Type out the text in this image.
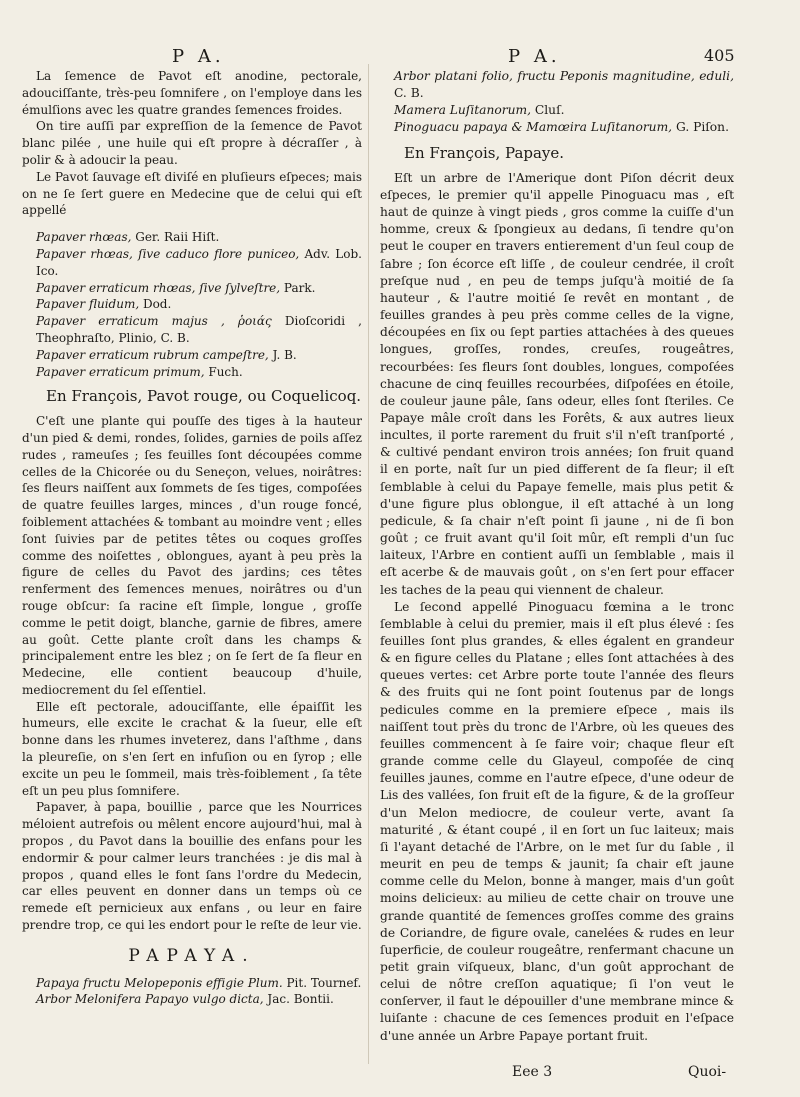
P A.	P A.	405

La ſemence de Pavot eſt anodine, pectorale, adouciſſante, très-peu ſomnifere , on l'employe dans les émulſions avec les quatre grandes ſemences froides.

On tire auſſi par expreſſion de la ſemence de Pavot blanc pilée , une huile qui eſt propre à décraſſer , à polir & à adoucir la peau.

Le Pavot ſauvage eſt diviſé en pluſieurs eſpeces; mais on ne ſe ſert guere en Medecine que de celui qui eſt appellé

Papaver rhœas, Ger. Raii Hiſt.

Papaver rhœas, ſive caduco flore puniceo, Adv. Lob. Ico.

Papaver erraticum rhœas, ſive ſylveſtre, Park.

Papaver fluidum, Dod.

Papaver erraticum majus , ῥοιάς Dioſcoridi , Theophraſto, Plinio, C. B.

Papaver erraticum rubrum campeſtre, J. B.

Papaver erraticum primum, Fuch.

En François, Pavot rouge, ou Coquelicoq.

C'eſt une plante qui pouſſe des tiges à la hauteur d'un pied & demi, rondes, ſolides, garnies de poils aſſez rudes , rameuſes ; ſes feuilles ſont découpées comme celles de la Chicorée ou du Seneçon, velues, noirâtres: ſes fleurs naiſſent aux ſommets de ſes tiges, compoſées de quatre feuilles larges, minces , d'un rouge foncé, foiblement attachées & tombant au moindre vent ; elles ſont ſuivies par de petites têtes ou coques groſſes comme des noiſettes , oblongues, ayant à peu près la figure de celles du Pavot des jardins; ces têtes renferment des ſemences menues, noirâtres ou d'un rouge obſcur: ſa racine eſt ſimple, longue , groſſe comme le petit doigt, blanche, garnie de fibres, amere au goût. Cette plante croît dans les champs & principalement entre les blez ; on ſe ſert de ſa fleur en Medecine, elle contient beaucoup d'huile, mediocrement du ſel eſſentiel.

Elle eſt pectorale, adouciſſante, elle épaiſſit les humeurs, elle excite le crachat & la ſueur, elle eſt bonne dans les rhumes inveterez, dans l'aſthme , dans la pleureſie, on s'en ſert en infuſion ou en ſyrop ; elle excite un peu le ſommeil, mais très-foiblement , ſa tête eſt un peu plus ſomnifere.

Papaver, à papa, bouillie , parce que les Nourrices méloient autrefois ou mêlent encore aujourd'hui, mal à propos , du Pavot dans la bouillie des enfans pour les endormir & pour calmer leurs tranchées : je dis mal à propos , quand elles le font ſans l'ordre du Medecin, car elles peuvent en donner dans un temps où ce remede eſt pernicieux aux enfans , ou leur en faire prendre trop, ce qui les endort pour le reſte de leur vie.

PAPAYA.

Papaya fructu Melopeponis effigie Plum. Pit. Tournef.

Arbor Melonifera Papayo vulgo dicta, Jac. Bontii.

Arbor platani folio, fructu Peponis magnitudine, eduli, C. B.

Mamera Luſitanorum, Cluſ.

Pinoguacu papaya & Mamœira Luſitanorum, G. Piſon.

En François, Papaye.

Eſt un arbre de l'Amerique dont Piſon décrit deux eſpeces, le premier qu'il appelle Pinoguacu mas , eſt haut de quinze à vingt pieds , gros comme la cuiſſe d'un homme, creux & ſpongieux au dedans, ſi tendre qu'on peut le couper en travers entierement d'un ſeul coup de ſabre ; ſon écorce eſt liſſe , de couleur cendrée, il croît preſque nud , en peu de temps juſqu'à moitié de ſa hauteur , & l'autre moitié ſe revêt en montant , de feuilles grandes à peu près comme celles de la vigne, découpées en ſix ou ſept parties attachées à des queues longues, groſſes, rondes, creuſes, rougeâtres, recourbées: ſes fleurs ſont doubles, longues, compoſées chacune de cinq feuilles recourbées, diſpoſées en étoile, de couleur jaune pâle, ſans odeur, elles ſont ſteriles. Ce Papaye mâle croît dans les Forêts, & aux autres lieux incultes, il porte rarement du fruit s'il n'eſt tranſporté , & cultivé pendant environ trois années; ſon fruit quand il en porte, naît ſur un pied different de ſa fleur; il eſt ſemblable à celui du Papaye femelle, mais plus petit & d'une figure plus oblongue, il eſt attaché à un long pedicule, & ſa chair n'eſt point ſi jaune , ni de ſi bon goût ; ce fruit avant qu'il ſoit mûr, eſt rempli d'un ſuc laiteux, l'Arbre en contient auſſi un ſemblable , mais il eſt acerbe & de mauvais goût , on s'en ſert pour effacer les taches de la peau qui viennent de chaleur.

Le ſecond appellé Pinoguacu fœmina a le tronc ſemblable à celui du premier, mais il eſt plus élevé : ſes feuilles ſont plus grandes, & elles égalent en grandeur & en figure celles du Platane ; elles ſont attachées à des queues vertes: cet Arbre porte toute l'année des fleurs & des fruits qui ne ſont point ſoutenus par de longs pedicules comme en la premiere eſpece , mais ils naiſſent tout près du tronc de l'Arbre, où les queues des feuilles commencent à ſe faire voir; chaque fleur eſt grande comme celle du Glayeul, compoſée de cinq feuilles jaunes, comme en l'autre eſpece, d'une odeur de Lis des vallées, ſon fruit eſt de la figure, & de la groſſeur d'un Melon mediocre, de couleur verte, avant ſa maturité , & étant coupé , il en ſort un ſuc laiteux; mais ſi l'ayant detaché de l'Arbre, on le met ſur du ſable , il meurit en peu de temps & jaunit; ſa chair eſt jaune comme celle du Melon, bonne à manger, mais d'un goût moins delicieux: au milieu de cette chair on trouve une grande quantité de ſemences groſſes comme des grains de Coriandre, de figure ovale, canelées & rudes en leur ſuperficie, de couleur rougeâtre, renfermant chacune un petit grain viſqueux, blanc, d'un goût approchant de celui de nôtre creſſon aquatique; ſi l'on veut le conſerver, il faut le dépouiller d'une membrane mince & luiſante : chacune de ces ſemences produit en l'eſpace d'une année un Arbre Papaye portant fruit.

Eee 3	Quoi-
